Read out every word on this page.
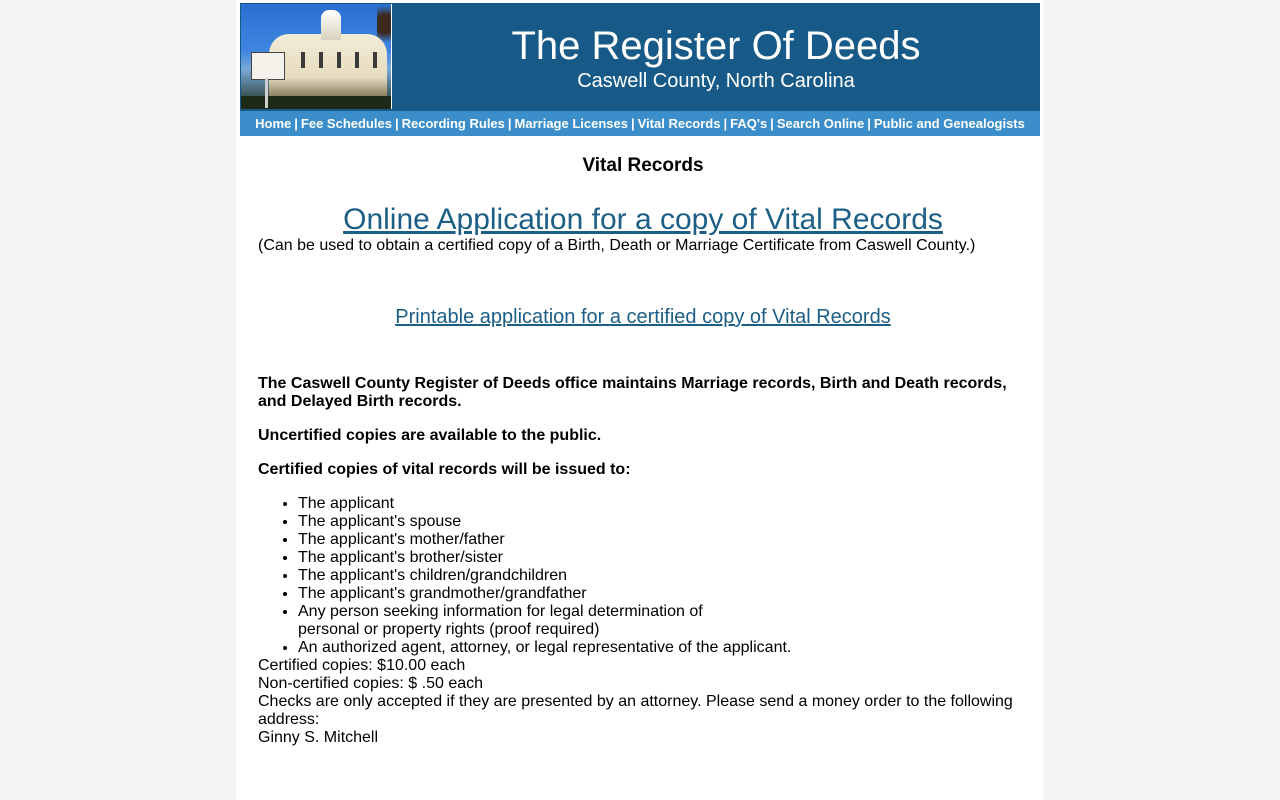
The Register Of Deeds
Caswell County, North Carolina
Home | Fee Schedules | Recording Rules | Marriage Licenses | Vital Records | FAQ's | Search Online | Public and Genealogists
Vital Records
Online Application for a copy of Vital Records

(Can be used to obtain a certified copy of a Birth, Death or Marriage Certificate from Caswell County.)

Printable application for a certified copy of Vital Records

The Caswell County Register of Deeds office maintains Marriage records, Birth and Death records, and Delayed Birth records.

Uncertified copies are available to the public.

Certified copies of vital records will be issued to:

• The applicant
• The applicant's spouse
• The applicant's mother/father
• The applicant's brother/sister
• The applicant's children/grandchildren
• The applicant's grandmother/grandfather
• Any person seeking information for legal determination of
personal or property rights (proof required)
• An authorized agent, attorney, or legal representative of the applicant.

Certified copies: $10.00 each
Non-certified copies: $ .50 each

Checks are only accepted if they are presented by an attorney. Please send a money order to the following address:

Ginny S. Mitchell
